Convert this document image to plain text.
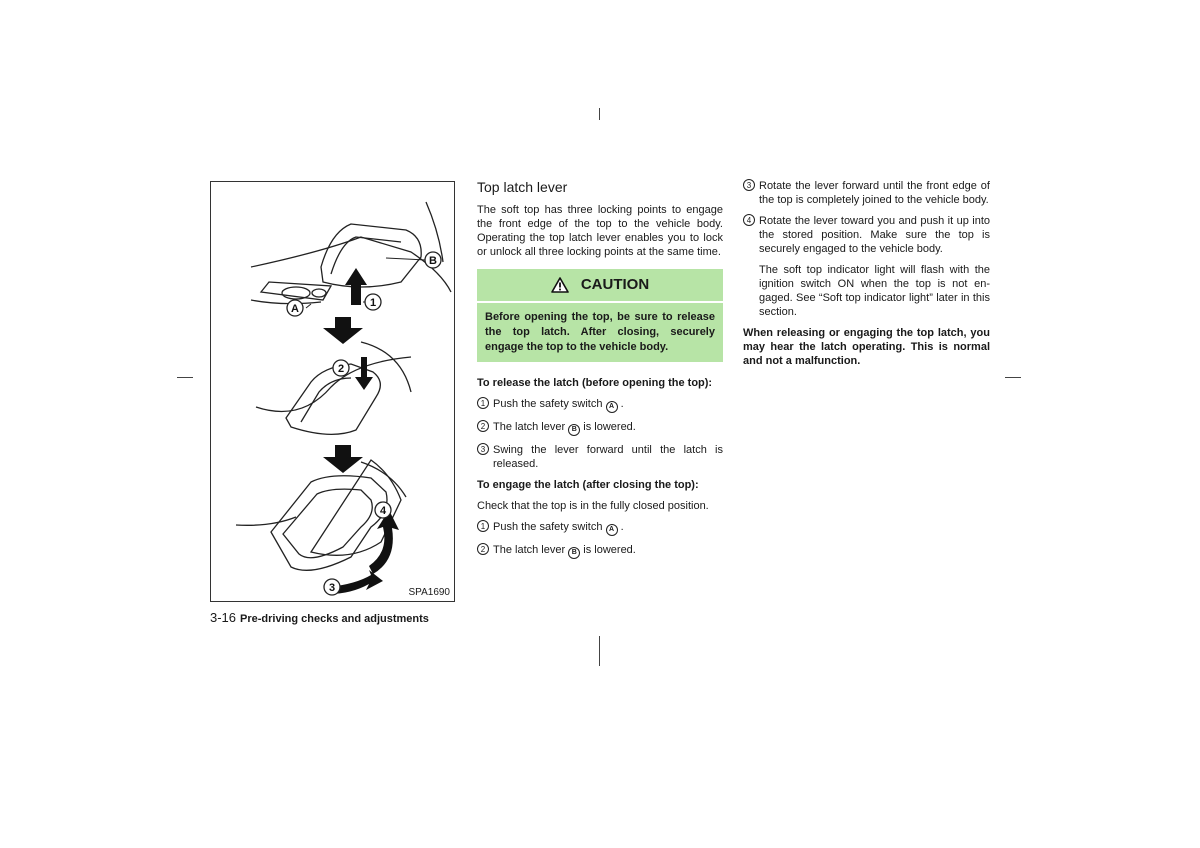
B
A	1
2
4
3	SPA1690
3-16 Pre-driving checks and adjustments
Top latch lever

The soft top has three locking points to engage the front edge of the top to the vehicle body. Operating the top latch lever enables you to lock or unlock all three locking points at the same time.

CAUTION
Before opening the top, be sure to release the top latch. After closing, securely engage the top to the vehicle body.

To release the latch (before opening the top):

1 Push the safety switch A .
2 The latch lever B is lowered.
3 Swing the lever forward until the latch is released.

To engage the latch (after closing the top):

Check that the top is in the fully closed position.

1 Push the safety switch A .
2 The latch lever B is lowered.
3 Rotate the lever forward until the front edge of the top is completely joined to the vehicle body.
4 Rotate the lever toward you and push it up into the stored position. Make sure the top is securely engaged to the vehicle body.

The soft top indicator light will flash with the ignition switch ON when the top is not en-gaged. See “Soft top indicator light” later in this section.

When releasing or engaging the top latch, you may hear the latch operating. This is normal and not a malfunction.
